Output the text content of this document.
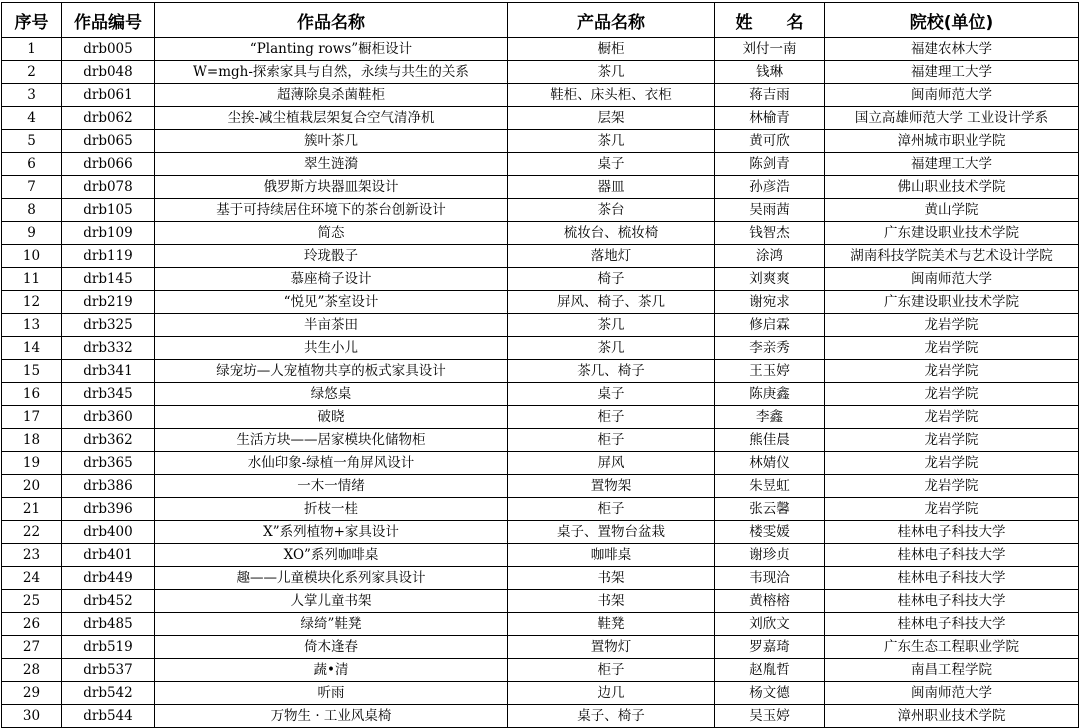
序号	作品编号	作品名称	产品名称	姓　　名	院校(单位)
1	drb005	“Planting rows”橱柜设计	橱柜	刘付一南	福建农林大学
2	drb048	W=mgh-探索家具与自然，永续与共生的关系	茶几	钱琳	福建理工大学
3	drb061	超薄除臭杀菌鞋柜	鞋柜、床头柜、衣柜	蒋吉雨	闽南师范大学
4	drb062	尘挨-减尘植栽层架复合空气清净机	层架	林榆青	国立高雄师范大学 工业设计学系
5	drb065	簇叶茶几	茶几	黄可欣	漳州城市职业学院
6	drb066	翠生涟漪	桌子	陈剑青	福建理工大学
7	drb078	俄罗斯方块器皿架设计	器皿	孙彦浩	佛山职业技术学院
8	drb105	基于可持续居住环境下的茶台创新设计	茶台	吴雨茜	黄山学院
9	drb109	简态	梳妆台、梳妆椅	钱智杰	广东建设职业技术学院
10	drb119	玲珑骰子	落地灯	涂鸿	湖南科技学院美术与艺术设计学院
11	drb145	慕座椅子设计	椅子	刘爽爽	闽南师范大学
12	drb219	“悦见”茶室设计	屏风、椅子、茶几	谢宛求	广东建设职业技术学院
13	drb325	半亩茶田	茶几	修启霖	龙岩学院
14	drb332	共生小儿	茶几	李亲秀	龙岩学院
15	drb341	绿宠坊—人宠植物共享的板式家具设计	茶几、椅子	王玉婷	龙岩学院
16	drb345	绿悠桌	桌子	陈庚鑫	龙岩学院
17	drb360	破晓	柜子	李鑫	龙岩学院
18	drb362	生活方块——居家模块化储物柜	柜子	熊佳晨	龙岩学院
19	drb365	水仙印象-绿植一角屏风设计	屏风	林婧仪	龙岩学院
20	drb386	一木一情绪	置物架	朱昱虹	龙岩学院
21	drb396	折枝一桂	柜子	张云馨	龙岩学院
22	drb400	X”系列植物+家具设计	桌子、置物台盆栽	楼雯媛	桂林电子科技大学
23	drb401	XO”系列咖啡桌	咖啡桌	谢珍贞	桂林电子科技大学
24	drb449	趣——儿童模块化系列家具设计	书架	韦现洽	桂林电子科技大学
25	drb452	人掌儿童书架	书架	黄榕榕	桂林电子科技大学
26	drb485	绿绮”鞋凳	鞋凳	刘欣文	桂林电子科技大学
27	drb519	倚木逢春	置物灯	罗嘉琦	广东生态工程职业学院
28	drb537	蔬•清	柜子	赵胤哲	南昌工程学院
29	drb542	听雨	边几	杨文德	闽南师范大学
30	drb544	万物生 · 工业风桌椅	桌子、椅子	吴玉婷	漳州职业技术学院
